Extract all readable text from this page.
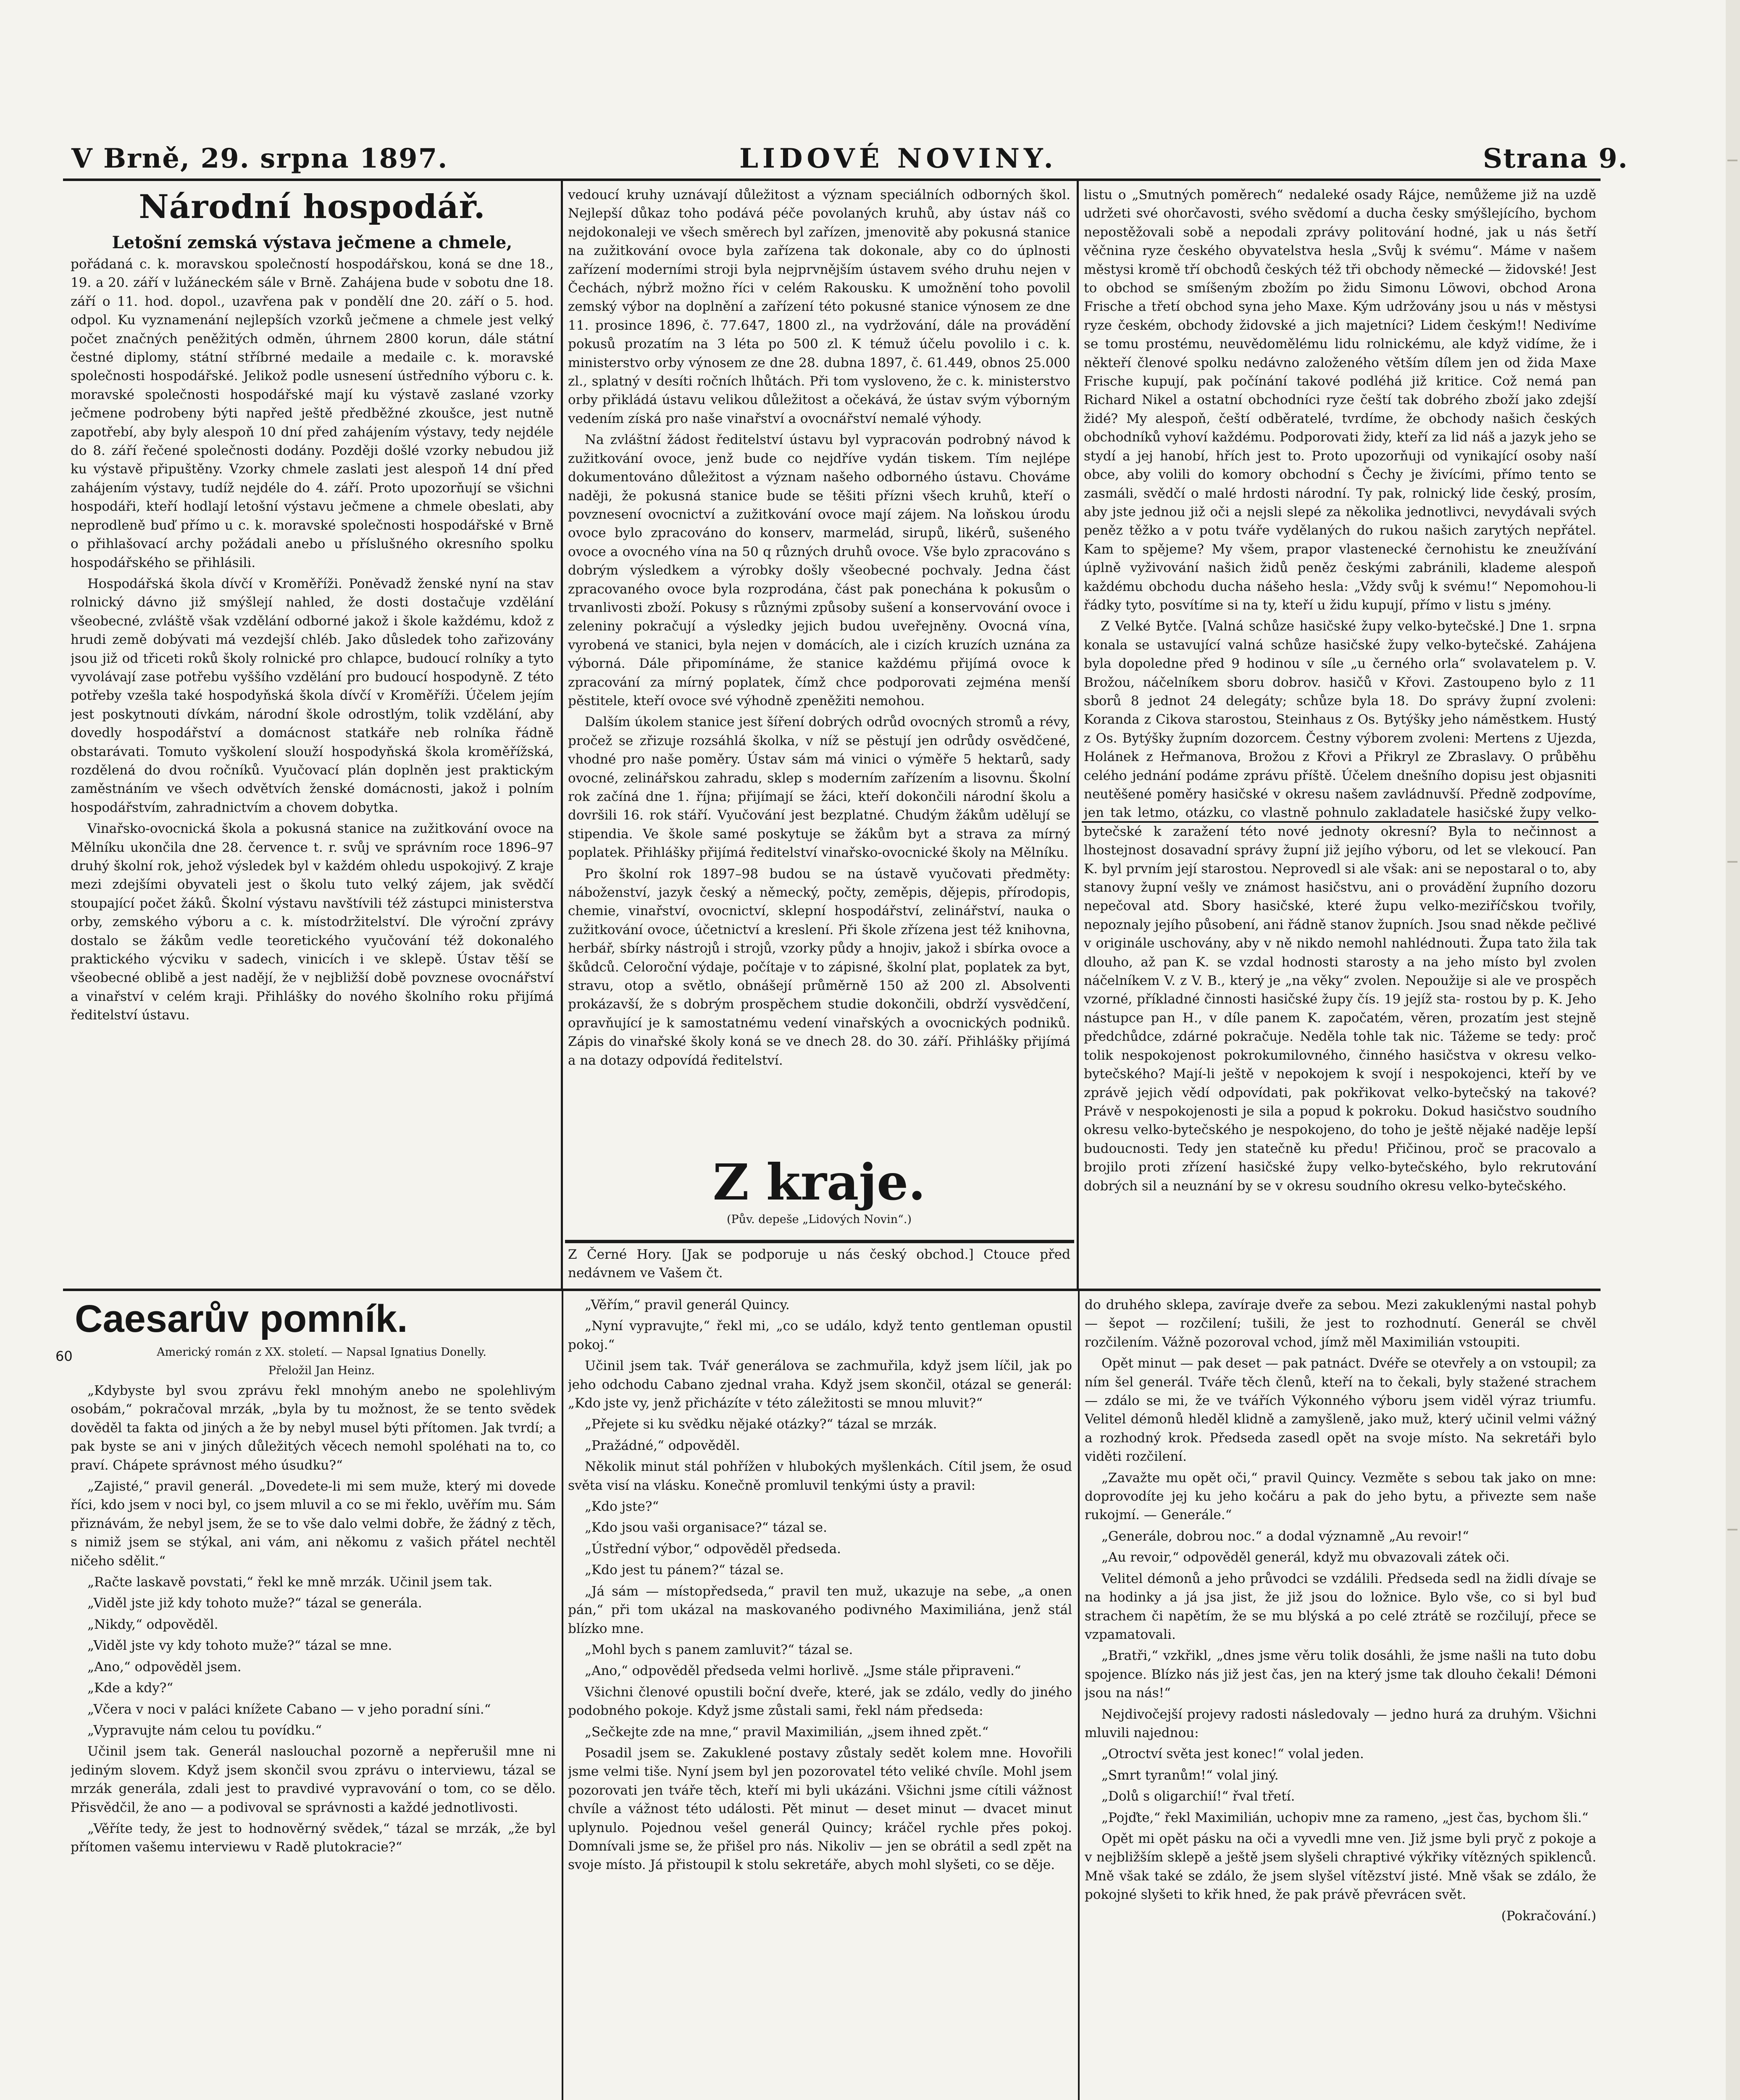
V Brně, 29. srpna 1897.	LIDOVÉ NOVINY.	Strana 9.
60
Národní hospodář.
Letošní zemská výstava ječmene a chmele,

pořádaná c. k. moravskou společností hospodářskou, koná se dne 18., 19. a 20. září v lužáneckém sále v Brně. Zahájena bude v sobotu dne 18. září o 11. hod. dopol., uzavřena pak v pondělí dne 20. září o 5. hod. odpol. Ku vyznamenání nejlepších vzorků ječmene a chmele jest velký počet značných peněžitých odměn, úhrnem 2800 korun, dále státní čestné diplomy, státní stříbrné medaile a medaile c. k. moravské společnosti hospodářské. Jelikož podle usnesení ústředního výboru c. k. moravské společnosti hospodářské mají ku výstavě zaslané vzorky ječmene podrobeny býti napřed ještě předběžné zkoušce, jest nutně zapotřebí, aby byly alespoň 10 dní před zahájením výstavy, tedy nejdéle do 8. září řečené společnosti dodány. Později došlé vzorky nebudou již ku výstavě připuštěny. Vzorky chmele zaslati jest alespoň 14 dní před zahájením výstavy, tudíž nejdéle do 4. září. Proto upozorňují se všichni hospodáři, kteří hodlají letošní výstavu ječmene a chmele obeslati, aby neprodleně buď přímo u c. k. moravské společnosti hospodářské v Brně o přihlašovací archy požádali anebo u příslušného okresního spolku hospodářského se přihlásili.

Hospodářská škola dívčí v Kroměříži. Poněvadž ženské nyní na stav rolnický dávno již smýšlejí nahled, že dosti dostačuje vzdělání všeobecné, zvláště však vzdělání odborné jakož i škole každému, kdož z hrudi země dobývati má vezdejší chléb. Jako důsledek toho zařizovány jsou již od třiceti roků školy rolnické pro chlapce, budoucí rolníky a tyto vyvolávají zase potřebu vyššího vzdělání pro budoucí hospodyně. Z této potřeby vzešla také hospodyňská škola dívčí v Kroměříži. Účelem jejím jest poskytnouti dívkám, národní škole odrostlým, tolik vzdělání, aby dovedly hospodářství a domácnost statkáře neb rolníka řádně obstarávati. Tomuto vyškolení slouží hospodyňská škola kroměřížská, rozdělená do dvou ročníků. Vyučovací plán doplněn jest praktickým zaměstnáním ve všech odvětvích ženské domácnosti, jakož i polním hospodářstvím, zahradnictvím a chovem dobytka.

Vinařsko-ovocnická škola a pokusná stanice na zužitkování ovoce na Mělníku ukončila dne 28. července t. r. svůj ve správním roce 1896–97 druhý školní rok, jehož výsledek byl v každém ohledu uspokojivý. Z kraje mezi zdejšími obyvateli jest o školu tuto velký zájem, jak svědčí stoupající počet žáků. Školní výstavu navštívili též zástupci ministerstva orby, zemského výboru a c. k. místodržitelství. Dle výroční zprávy dostalo se žákům vedle teoretického vyučování též dokonalého praktického výcviku v sadech, vinicích i ve sklepě. Ústav těší se všeobecné oblibě a jest nadějí, že v nejbližší době povznese ovocnářství a vinařství v celém kraji. Přihlášky do nového školního roku přijímá ředitelství ústavu.

vedoucí kruhy uznávají důležitost a význam speciálních odborných škol. Nejlepší důkaz toho podává péče povolaných kruhů, aby ústav náš co nejdokonaleji ve všech směrech byl zařízen, jmenovitě aby pokusná stanice na zužitkování ovoce byla zařízena tak dokonale, aby co do úplnosti zařízení moderními stroji byla nejprvnějším ústavem svého druhu nejen v Čechách, nýbrž možno říci v celém Rakousku. K umožnění toho povolil zemský výbor na doplnění a zařízení této pokusné stanice výnosem ze dne 11. prosince 1896, č. 77.647, 1800 zl., na vydržování, dále na provádění pokusů prozatím na 3 léta po 500 zl. K témuž účelu povolilo i c. k. ministerstvo orby výnosem ze dne 28. dubna 1897, č. 61.449, obnos 25.000 zl., splatný v desíti ročních lhůtách. Při tom vysloveno, že c. k. ministerstvo orby přikládá ústavu velikou důležitost a očekává, že ústav svým výborným vedením získá pro naše vinařství a ovocnářství nemalé výhody.

Na zvláštní žádost ředitelství ústavu byl vypracován podrobný návod k zužitkování ovoce, jenž bude co nejdříve vydán tiskem. Tím nejlépe dokumentováno důležitost a význam našeho odborného ústavu. Chováme naději, že pokusná stanice bude se těšiti přízni všech kruhů, kteří o povznesení ovocnictví a zužitkování ovoce mají zájem. Na loňskou úrodu ovoce bylo zpracováno do konserv, marmelád, sirupů, likérů, sušeného ovoce a ovocného vína na 50 q různých druhů ovoce. Vše bylo zpracováno s dobrým výsledkem a výrobky došly všeobecné pochvaly. Jedna část zpracovaného ovoce byla rozprodána, část pak ponechána k pokusům o trvanlivosti zboží. Pokusy s různými způsoby sušení a konservování ovoce i zeleniny pokračují a výsledky jejich budou uveřejněny. Ovocná vína, vyrobená ve stanici, byla nejen v domácích, ale i cizích kruzích uznána za výborná. Dále připomínáme, že stanice každému přijímá ovoce k zpracování za mírný poplatek, čímž chce podporovati zejména menší pěstitele, kteří ovoce své výhodně zpeněžiti nemohou.

Dalším úkolem stanice jest šíření dobrých odrůd ovocných stromů a révy, pročež se zřizuje rozsáhlá školka, v níž se pěstují jen odrůdy osvědčené, vhodné pro naše poměry. Ústav sám má vinici o výměře 5 hektarů, sady ovocné, zelinářskou zahradu, sklep s moderním zařízením a lisovnu. Školní rok začíná dne 1. října; přijímají se žáci, kteří dokončili národní školu a dovršili 16. rok stáří. Vyučování jest bezplatné. Chudým žákům udělují se stipendia. Ve škole samé poskytuje se žákům byt a strava za mírný poplatek. Přihlášky přijímá ředitelství vinařsko-ovocnické školy na Mělníku.

Pro školní rok 1897–98 budou se na ústavě vyučovati předměty: náboženství, jazyk český a německý, počty, zeměpis, dějepis, přírodopis, chemie, vinařství, ovocnictví, sklepní hospodářství, zelinářství, nauka o zužitkování ovoce, účetnictví a kreslení. Při škole zřízena jest též knihovna, herbář, sbírky nástrojů i strojů, vzorky půdy a hnojiv, jakož i sbírka ovoce a škůdců. Celoroční výdaje, počítaje v to zápisné, školní plat, poplatek za byt, stravu, otop a světlo, obnášejí průměrně 150 až 200 zl. Absolventi prokázavší, že s dobrým prospěchem studie dokončili, obdrží vysvědčení, opravňující je k samostatnému vedení vinařských a ovocnických podniků. Zápis do vinařské školy koná se ve dnech 28. do 30. září. Přihlášky přijímá a na dotazy odpovídá ředitelství.

Z kraje.
(Pův. depeše „Lidových Novin“.)

Z Černé Hory. [Jak se podporuje u nás český obchod.] Ctouce před nedávnem ve Vašem čt.

listu o „Smutných poměrech“ nedaleké osady Rájce, nemůžeme již na uzdě udržeti své ohorčavosti, svého svědomí a ducha česky smýšlejícího, bychom nepostěžovali sobě a nepodali zprávy politování hodné, jak u nás šetří věčnina ryze českého obyvatelstva hesla „Svůj k svému“. Máme v našem městysi kromě tří obchodů českých též tři obchody německé — židovské! Jest to obchod se smíšeným zbožím po židu Simonu Löwovi, obchod Arona Frische a třetí obchod syna jeho Maxe. Kým udržovány jsou u nás v městysi ryze českém, obchody židovské a jich majetníci? Lidem českým!! Nedivíme se tomu prostému, neuvědomělému lidu rolnickému, ale když vidíme, že i někteří členové spolku nedávno založeného větším dílem jen od žida Maxe Frische kupují, pak počínání takové podléhá již kritice. Což nemá pan Richard Nikel a ostatní obchodníci ryze čeští tak dobrého zboží jako zdejší židé? My alespoň, čeští odběratelé, tvrdíme, že obchody našich českých obchodníků vyhoví každému. Podporovati židy, kteří za lid náš a jazyk jeho se stydí a jej hanobí, hřích jest to. Proto upozorňuji od vynikající osoby naší obce, aby volili do komory obchodní s Čechy je živícími, přímo tento se zasmáli, svědčí o malé hrdosti národní. Ty pak, rolnický lide český, prosím, aby jste jednou již oči a nejsli slepé za několika jednotlivci, nevydávali svých peněz těžko a v potu tváře vydělaných do rukou našich zarytých nepřátel. Kam to spějeme? My všem, prapor vlastenecké černohistu ke zneužívání úplně vyživování našich židů peněz českými zabránili, klademe alespoň každému obchodu ducha nášeho hesla: „Vždy svůj k svému!“ Nepomohou-li řádky tyto, posvítíme si na ty, kteří u židu kupují, přímo v listu s jmény.

Z Velké Bytče. [Valná schůze hasičské župy velko-bytečské.] Dne 1. srpna konala se ustavující valná schůze hasičské župy velko-bytečské. Zahájena byla dopoledne před 9 hodinou v síle „u černého orla“ svolavatelem p. V. Brožou, náčelníkem sboru dobrov. hasičů v Křovi. Zastoupeno bylo z 11 sborů 8 jednot 24 delegáty; schůze byla 18. Do správy župní zvoleni: Koranda z Cikova starostou, Steinhaus z Os. Bytýšky jeho náměstkem. Hustý z Os. Bytýšky župním dozorcem. Čestny výborem zvoleni: Mertens z Ujezda, Holánek z Heřmanova, Brožou z Křovi a Přikryl ze Zbraslavy. O průběhu celého jednání podáme zprávu příště. Účelem dnešního dopisu jest objasniti neutěšené poměry hasičské v okresu našem zavládnuvší. Předně zodpovíme, jen tak letmo, otázku, co vlastně pohnulo zakladatele hasičské župy velko-bytečské k zaražení této nové jednoty okresní? Byla to nečinnost a lhostejnost dosavadní správy župní již jejího výboru, od let se vlekoucí. Pan K. byl prvním její starostou. Neprovedl si ale však: ani se nepostaral o to, aby stanovy župní vešly ve známost hasičstvu, ani o provádění župního dozoru nepečoval atd. Sbory hasičské, které župu velko-meziříčskou tvořily, nepoznaly jejího působení, ani řádně stanov župních. Jsou snad někde pečlivé v originále uschovány, aby v ně nikdo nemohl nahlédnouti. Župa tato žila tak dlouho, až pan K. se vzdal hodnosti starosty a na jeho místo byl zvolen náčelníkem V. z V. B., který je „na věky“ zvolen. Nepoužije si ale ve prospěch vzorné, příkladné činnosti hasičské župy čís. 19 jejíž sta- rostou by p. K. Jeho nástupce pan H., v díle panem K. započatém, věren, prozatím jest stejně předchůdce, zdárné pokračuje. Neděla tohle tak nic. Tážeme se tedy: proč tolik nespokojenost pokrokumilovného, činného hasičstva v okresu velko-bytečského? Mají-li ještě v nepokojem k svojí i nespokojenci, kteří by ve zprávě jejich vědí odpovídati, pak pokřikovat velko-bytečský na takové? Právě v nespokojenosti je sila a popud k pokroku. Dokud hasičstvo soudního okresu velko-bytečského je nespokojeno, do toho je ještě nějaké naděje lepší budoucnosti. Tedy jen statečně ku předu! Přičinou, proč se pracovalo a brojilo proti zřízení hasičské župy velko-bytečského, bylo rekrutování dobrých sil a neuznání by se v okresu soudního okresu velko-bytečského.

Caesarův pomník.

Americký román z XX. století. — Napsal Ignatius Donelly.

Přeložil Jan Heinz.

„Kdybyste byl svou zprávu řekl mnohým anebo ne spolehlivým osobám,“ pokračoval mrzák, „byla by tu možnost, že se tento svědek dověděl ta fakta od jiných a že by nebyl musel býti přítomen. Jak tvrdí; a pak byste se ani v jiných důležitých věcech nemohl spoléhati na to, co praví. Chápete správnost mého úsudku?“

„Zajisté,“ pravil generál. „Dovedete-li mi sem muže, který mi dovede říci, kdo jsem v noci byl, co jsem mluvil a co se mi řeklo, uvěřím mu. Sám přiznávám, že nebyl jsem, že se to vše dalo velmi dobře, že žádný z těch, s nimiž jsem se stýkal, ani vám, ani někomu z vašich přátel nechtěl ničeho sdělit.“

„Račte laskavě povstati,“ řekl ke mně mrzák. Učinil jsem tak.

„Viděl jste již kdy tohoto muže?“ tázal se generála.

„Nikdy,“ odpověděl.

„Viděl jste vy kdy tohoto muže?“ tázal se mne.

„Ano,“ odpověděl jsem.

„Kde a kdy?“

„Včera v noci v paláci knížete Cabano — v jeho poradní síni.“

„Vypravujte nám celou tu povídku.“

Učinil jsem tak. Generál naslouchal pozorně a nepřerušil mne ni jediným slovem. Když jsem skončil svou zprávu o interviewu, tázal se mrzák generála, zdali jest to pravdivé vypravování o tom, co se dělo. Přisvědčil, že ano — a podivoval se správnosti a každé jednotlivosti.

„Věříte tedy, že jest to hodnověrný svědek,“ tázal se mrzák, „že byl přítomen vašemu interviewu v Radě plutokracie?“

„Věřím,“ pravil generál Quincy.

„Nyní vypravujte,“ řekl mi, „co se událo, když tento gentleman opustil pokoj.“

Učinil jsem tak. Tvář generálova se zachmuřila, když jsem líčil, jak po jeho odchodu Cabano zjednal vraha. Když jsem skončil, otázal se generál: „Kdo jste vy, jenž přicházíte v této záležitosti se mnou mluvit?“

„Přejete si ku svědku nějaké otázky?“ tázal se mrzák.

„Pražádné,“ odpověděl.

Několik minut stál pohřížen v hlubokých myšlenkách. Cítil jsem, že osud světa visí na vlásku. Konečně promluvil tenkými ústy a pravil:

„Kdo jste?“

„Kdo jsou vaši organisace?“ tázal se.

„Ústřední výbor,“ odpověděl předseda.

„Kdo jest tu pánem?“ tázal se.

„Já sám — místopředseda,“ pravil ten muž, ukazuje na sebe, „a onen pán,“ při tom ukázal na maskovaného podivného Maximiliána, jenž stál blízko mne.

„Mohl bych s panem zamluvit?“ tázal se.

„Ano,“ odpověděl předseda velmi horlivě. „Jsme stále připraveni.“

Všichni členové opustili boční dveře, které, jak se zdálo, vedly do jiného podobného pokoje. Když jsme zůstali sami, řekl nám předseda:

„Sečkejte zde na mne,“ pravil Maximilián, „jsem ihned zpět.“

Posadil jsem se. Zakuklené postavy zůstaly sedět kolem mne. Hovořili jsme velmi tiše. Nyní jsem byl jen pozorovatel této veliké chvíle. Mohl jsem pozorovati jen tváře těch, kteří mi byli ukázáni. Všichni jsme cítili vážnost chvíle a vážnost této události. Pět minut — deset minut — dvacet minut uplynulo. Pojednou vešel generál Quincy; kráčel rychle přes pokoj. Domnívali jsme se, že přišel pro nás. Nikoliv — jen se obrátil a sedl zpět na svoje místo. Já přistoupil k stolu sekretáře, abych mohl slyšeti, co se děje.

do druhého sklepa, zavíraje dveře za sebou. Mezi zakuklenými nastal pohyb — šepot — rozčilení; tušili, že jest to rozhodnutí. Generál se chvěl rozčilením. Vážně pozoroval vchod, jímž měl Maximilián vstoupiti.

Opět minut — pak deset — pak patnáct. Dvéře se otevřely a on vstoupil; za ním šel generál. Tváře těch členů, kteří na to čekali, byly stažené strachem — zdálo se mi, že ve tvářích Výkonného výboru jsem viděl výraz triumfu. Velitel démonů hleděl klidně a zamyšleně, jako muž, který učinil velmi vážný a rozhodný krok. Předseda zasedl opět na svoje místo. Na sekretáři bylo viděti rozčilení.

„Zavažte mu opět oči,“ pravil Quincy. Vezměte s sebou tak jako on mne: doprovodíte jej ku jeho kočáru a pak do jeho bytu, a přivezte sem naše rukojmí. — Generále.“

„Generále, dobrou noc.“ a dodal významně „Au revoir!“

„Au revoir,“ odpověděl generál, když mu obvazovali zátek oči.

Velitel démonů a jeho průvodci se vzdálili. Předseda sedl na židli dívaje se na hodinky a já jsa jist, že již jsou do ložnice. Bylo vše, co si byl buď strachem či napětím, že se mu blýská a po celé ztrátě se rozčilují, přece se vzpamatovali.

„Bratři,“ vzkřikl, „dnes jsme věru tolik dosáhli, že jsme našli na tuto dobu spojence. Blízko nás již jest čas, jen na který jsme tak dlouho čekali! Démoni jsou na nás!“

Nejdivočejší projevy radosti následovaly — jedno hurá za druhým. Všichni mluvili najednou:

„Otroctví světa jest konec!“ volal jeden.

„Smrt tyranům!“ volal jiný.

„Dolů s oligarchií!“ řval třetí.

„Pojďte,“ řekl Maximilián, uchopiv mne za rameno, „jest čas, bychom šli.“

Opět mi opět pásku na oči a vyvedli mne ven. Již jsme byli pryč z pokoje a v nejbližším sklepě a ještě jsem slyšeli chraptivé výkřiky vítězných spiklenců. Mně však také se zdálo, že jsem slyšel vítězství jisté. Mně však se zdálo, že pokojné slyšeti to křik hned, že pak právě převrácen svět.

(Pokračování.)
